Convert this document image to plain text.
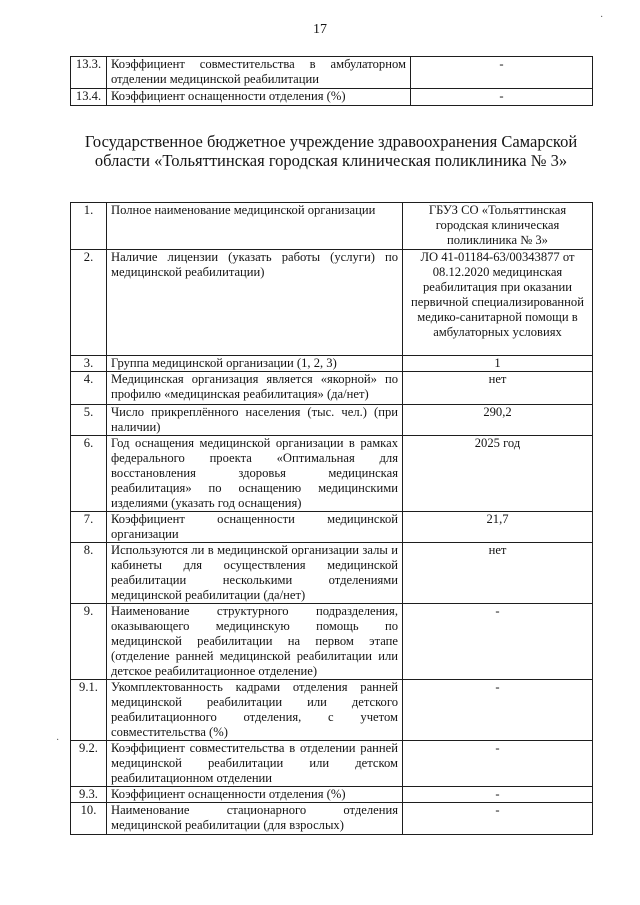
17
13.3.	Коэффициент совместительства в амбулаторном отделении медицинской реабилитации	-
13.4.	Коэффициент оснащенности отделения (%)	-
Государственное бюджетное учреждение здравоохранения Самарской области «Тольяттинская городская клиническая поликлиника № 3»
1.	Полное наименование медицинской организации	ГБУЗ СО «Тольяттинская городская клиническая поликлиника № 3»
2.	Наличие лицензии (указать работы (услуги) по медицинской реабилитации)	ЛО 41-01184-63/00343877 от 08.12.2020 медицинская реабилитация при оказании первичной специализированной медико-санитарной помощи в амбулаторных условиях
3.	Группа медицинской организации (1, 2, 3)	1
4.	Медицинская организация является «якорной» по профилю «медицинская реабилитация» (да/нет)	нет
5.	Число прикреплённого населения (тыс. чел.) (при наличии)	290,2
6.	Год оснащения медицинской организации в рамках федерального проекта «Оптимальная для восстановления здоровья медицинская реабилитация» по оснащению медицинскими изделиями (указать год оснащения)	2025 год
7.	Коэффициент оснащенности медицинской организации	21,7
8.	Используются ли в медицинской организации залы и кабинеты для осуществления медицинской реабилитации несколькими отделениями медицинской реабилитации (да/нет)	нет
9.	Наименование структурного подразделения, оказывающего медицинскую помощь по медицинской реабилитации на первом этапе (отделение ранней медицинской реабилитации или детское реабилитационное отделение)	-
9.1.	Укомплектованность кадрами отделения ранней медицинской реабилитации или детского реабилитационного отделения, с учетом совместительства (%)	-
9.2.	Коэффициент совместительства в отделении ранней медицинской реабилитации или детском реабилитационном отделении	-
9.3.	Коэффициент оснащенности отделения (%)	-
10.	Наименование стационарного отделения медицинской реабилитации (для взрослых)	-
·
·
